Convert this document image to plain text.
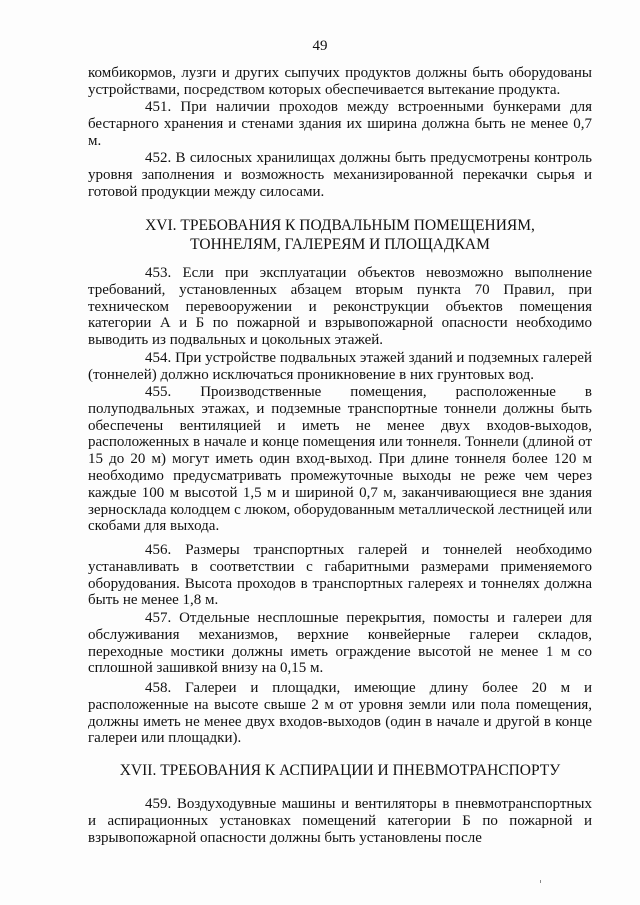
49

комбикормов, лузги и других сыпучих продуктов должны быть оборудованы устройствами, посредством которых обеспечивается вытекание продукта.

451. При наличии проходов между встроенными бункерами для бестарного хранения и стенами здания их ширина должна быть не менее 0,7 м.

452. В силосных хранилищах должны быть предусмотрены контроль уровня заполнения и возможность механизированной перекачки сырья и готовой продукции между силосами.

XVI. ТРЕБОВАНИЯ К ПОДВАЛЬНЫМ ПОМЕЩЕНИЯМ,
ТОННЕЛЯМ, ГАЛЕРЕЯМ И ПЛОЩАДКАМ

453. Если при эксплуатации объектов невозможно выполнение требований, установленных абзацем вторым пункта 70 Правил, при техническом перевооружении и реконструкции объектов помещения категории А и Б по пожарной и взрывопожарной опасности необходимо выводить из подвальных и цокольных этажей.

454. При устройстве подвальных этажей зданий и подземных галерей (тоннелей) должно исключаться проникновение в них грунтовых вод.

455. Производственные помещения, расположенные в полуподвальных этажах, и подземные транспортные тоннели должны быть обеспечены вентиляцией и иметь не менее двух входов-выходов, расположенных в начале и конце помещения или тоннеля. Тоннели (длиной от 15 до 20 м) могут иметь один вход-выход. При длине тоннеля более 120 м необходимо предусматривать промежуточные выходы не реже чем через каждые 100 м высотой 1,5 м и шириной 0,7 м, заканчивающиеся вне здания зерносклада колодцем с люком, оборудованным металлической лестницей или скобами для выхода.

456. Размеры транспортных галерей и тоннелей необходимо устанавливать в соответствии с габаритными размерами применяемого оборудования. Высота проходов в транспортных галереях и тоннелях должна быть не менее 1,8 м.

457. Отдельные несплошные перекрытия, помосты и галереи для обслуживания механизмов, верхние конвейерные галереи складов, переходные мостики должны иметь ограждение высотой не менее 1 м со сплошной зашивкой внизу на 0,15 м.

458. Галереи и площадки, имеющие длину более 20 м и расположенные на высоте свыше 2 м от уровня земли или пола помещения, должны иметь не менее двух входов-выходов (один в начале и другой в конце галереи или площадки).

XVII. ТРЕБОВАНИЯ К АСПИРАЦИИ И ПНЕВМОТРАНСПОРТУ

459. Воздуходувные машины и вентиляторы в пневмотранспортных и аспирационных установках помещений категории Б по пожарной и взрывопожарной опасности должны быть установлены после
